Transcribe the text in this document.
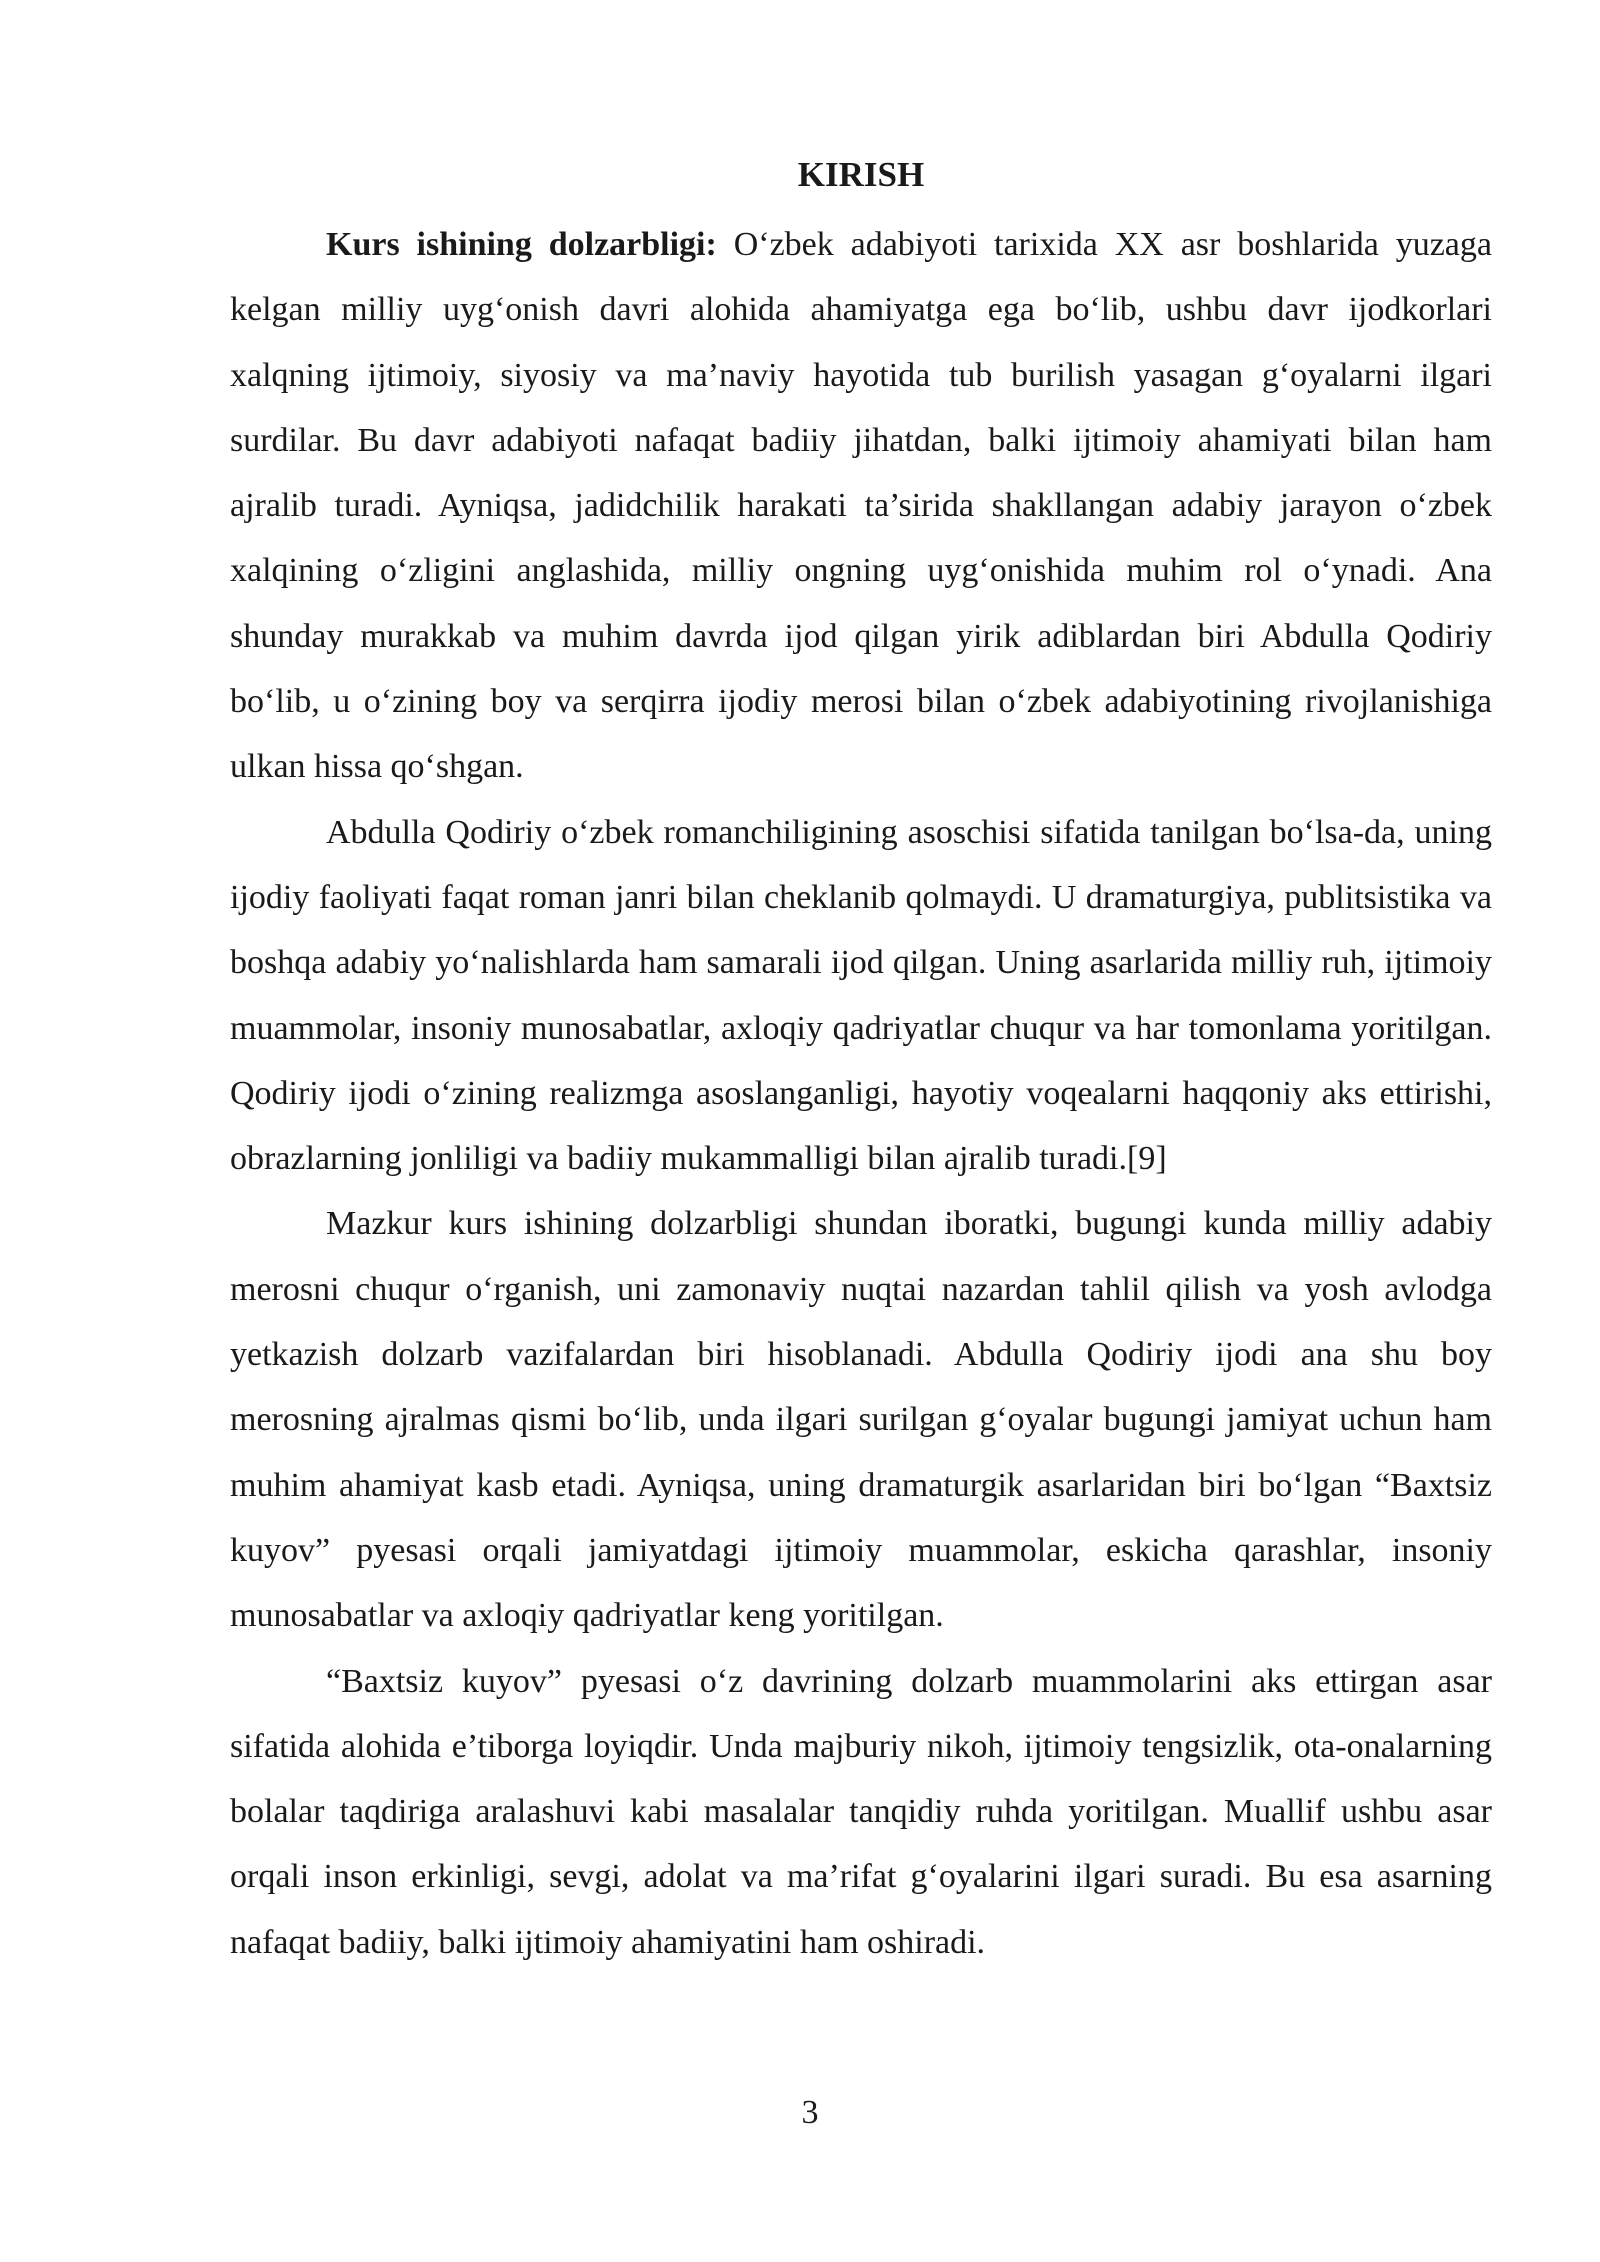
KIRISH

Kurs ishining dolzarbligi: O‘zbek adabiyoti tarixida XX asr boshlarida yuzaga kelgan milliy uyg‘onish davri alohida ahamiyatga ega bo‘lib, ushbu davr ijodkorlari xalqning ijtimoiy, siyosiy va ma’naviy hayotida tub burilish yasagan g‘oyalarni ilgari surdilar. Bu davr adabiyoti nafaqat badiiy jihatdan, balki ijtimoiy ahamiyati bilan ham ajralib turadi. Ayniqsa, jadidchilik harakati ta’sirida shakllangan adabiy jarayon o‘zbek xalqining o‘zligini anglashida, milliy ongning uyg‘onishida muhim rol o‘ynadi. Ana shunday murakkab va muhim davrda ijod qilgan yirik adiblardan biri Abdulla Qodiriy bo‘lib, u o‘zining boy va serqirra ijodiy merosi bilan o‘zbek adabiyotining rivojlanishiga ulkan hissa qo‘shgan.

Abdulla Qodiriy o‘zbek romanchiligining asoschisi sifatida tanilgan bo‘lsa-da, uning ijodiy faoliyati faqat roman janri bilan cheklanib qolmaydi. U dramaturgiya, publitsistika va boshqa adabiy yo‘nalishlarda ham samarali ijod qilgan. Uning asarlarida milliy ruh, ijtimoiy muammolar, insoniy munosabatlar, axloqiy qadriyatlar chuqur va har tomonlama yoritilgan. Qodiriy ijodi o‘zining realizmga asoslanganligi, hayotiy voqealarni haqqoniy aks ettirishi, obrazlarning jonliligi va badiiy mukammalligi bilan ajralib turadi.[9]

Mazkur kurs ishining dolzarbligi shundan iboratki, bugungi kunda milliy adabiy merosni chuqur o‘rganish, uni zamonaviy nuqtai nazardan tahlil qilish va yosh avlodga yetkazish dolzarb vazifalardan biri hisoblanadi. Abdulla Qodiriy ijodi ana shu boy merosning ajralmas qismi bo‘lib, unda ilgari surilgan g‘oyalar bugungi jamiyat uchun ham muhim ahamiyat kasb etadi. Ayniqsa, uning dramaturgik asarlaridan biri bo‘lgan “Baxtsiz kuyov” pyesasi orqali jamiyatdagi ijtimoiy muammolar, eskicha qarashlar, insoniy munosabatlar va axloqiy qadriyatlar keng yoritilgan.

“Baxtsiz kuyov” pyesasi o‘z davrining dolzarb muammolarini aks ettirgan asar sifatida alohida e’tiborga loyiqdir. Unda majburiy nikoh, ijtimoiy tengsizlik, ota-onalarning bolalar taqdiriga aralashuvi kabi masalalar tanqidiy ruhda yoritilgan. Muallif ushbu asar orqali inson erkinligi, sevgi, adolat va ma’rifat g‘oyalarini ilgari suradi. Bu esa asarning nafaqat badiiy, balki ijtimoiy ahamiyatini ham oshiradi.

3
